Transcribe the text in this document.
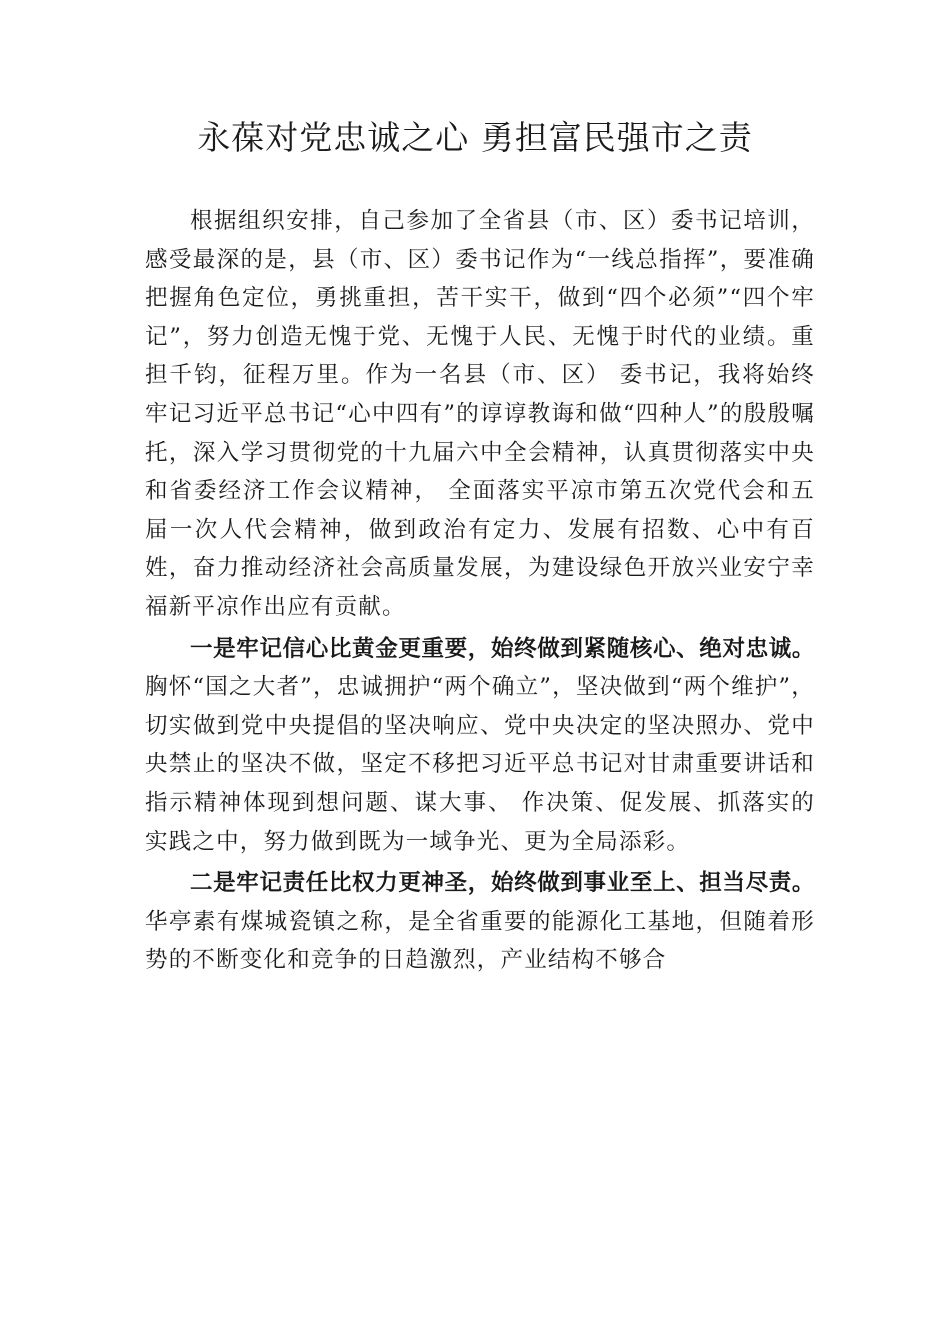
永葆对党忠诚之心 勇担富民强市之责

根据组织安排，自己参加了全省县（市、区）委书记培训，感受最深的是，县（市、区）委书记作为“一线总指挥”，要准确把握角色定位，勇挑重担，苦干实干，做到“四个必须”“四个牢记”，努力创造无愧于党、无愧于人民、无愧于时代的业绩。重担千钧，征程万里。作为一名县（市、区） 委书记，我将始终牢记习近平总书记“心中四有”的谆谆教诲和做“四种人”的殷殷嘱托，深入学习贯彻党的十九届六中全会精神，认真贯彻落实中央和省委经济工作会议精神， 全面落实平凉市第五次党代会和五届一次人代会精神，做到政治有定力、发展有招数、心中有百姓，奋力推动经济社会高质量发展，为建设绿色开放兴业安宁幸福新平凉作出应有贡献。

一是牢记信心比黄金更重要，始终做到紧随核心、绝对忠诚。胸怀“国之大者”，忠诚拥护“两个确立”，坚决做到“两个维护”，切实做到党中央提倡的坚决响应、党中央决定的坚决照办、党中央禁止的坚决不做，坚定不移把习近平总书记对甘肃重要讲话和指示精神体现到想问题、谋大事、 作决策、促发展、抓落实的实践之中，努力做到既为一域争光、更为全局添彩。

二是牢记责任比权力更神圣，始终做到事业至上、担当尽责。华亭素有煤城瓷镇之称，是全省重要的能源化工基地，但随着形势的不断变化和竞争的日趋激烈，产业结构不够合
